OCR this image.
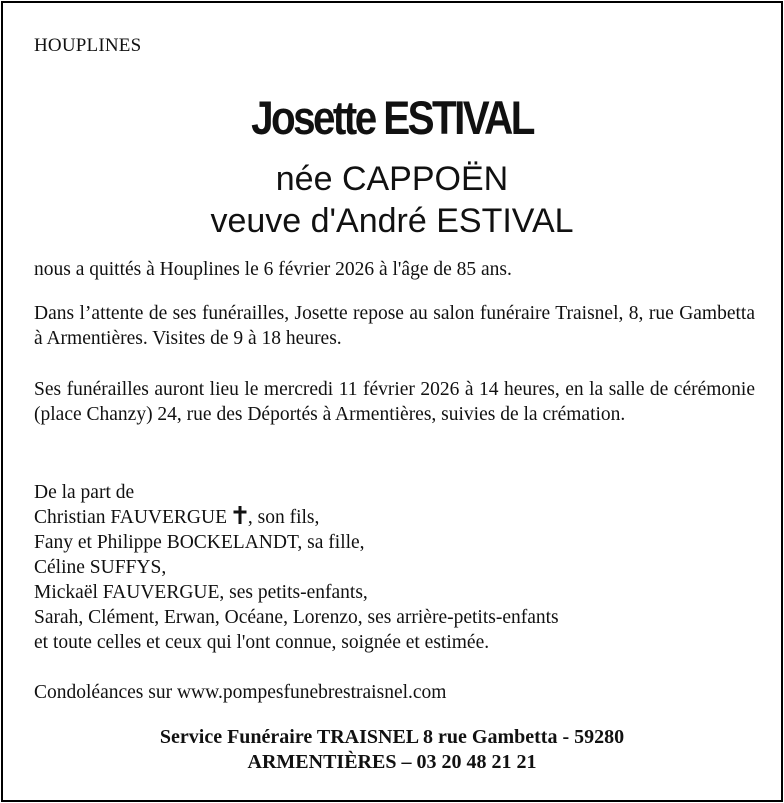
HOUPLINES
Josette ESTIVAL
née CAPPOËN
veuve d'André ESTIVAL
nous a quittés à Houplines le 6 février 2026 à l'âge de 85 ans.
Dans l’attente de ses funérailles, Josette repose au salon funéraire Traisnel, 8, rue Gambetta à Armentières. Visites de 9 à 18 heures.
Ses funérailles auront lieu le mercredi 11 février 2026 à 14 heures, en la salle de cérémonie (place Chanzy) 24, rue des Déportés à Armentières, suivies de la crémation.
De la part de
Christian FAUVERGUE , son fils,
Fany et Philippe BOCKELANDT, sa fille,
Céline SUFFYS,
Mickaël FAUVERGUE, ses petits-enfants,
Sarah, Clément, Erwan, Océane, Lorenzo, ses arrière-petits-enfants
et toute celles et ceux qui l'ont connue, soignée et estimée.
Condoléances sur www.pompesfunebrestraisnel.com
Service Funéraire TRAISNEL 8 rue Gambetta - 59280
ARMENTIÈRES – 03 20 48 21 21
